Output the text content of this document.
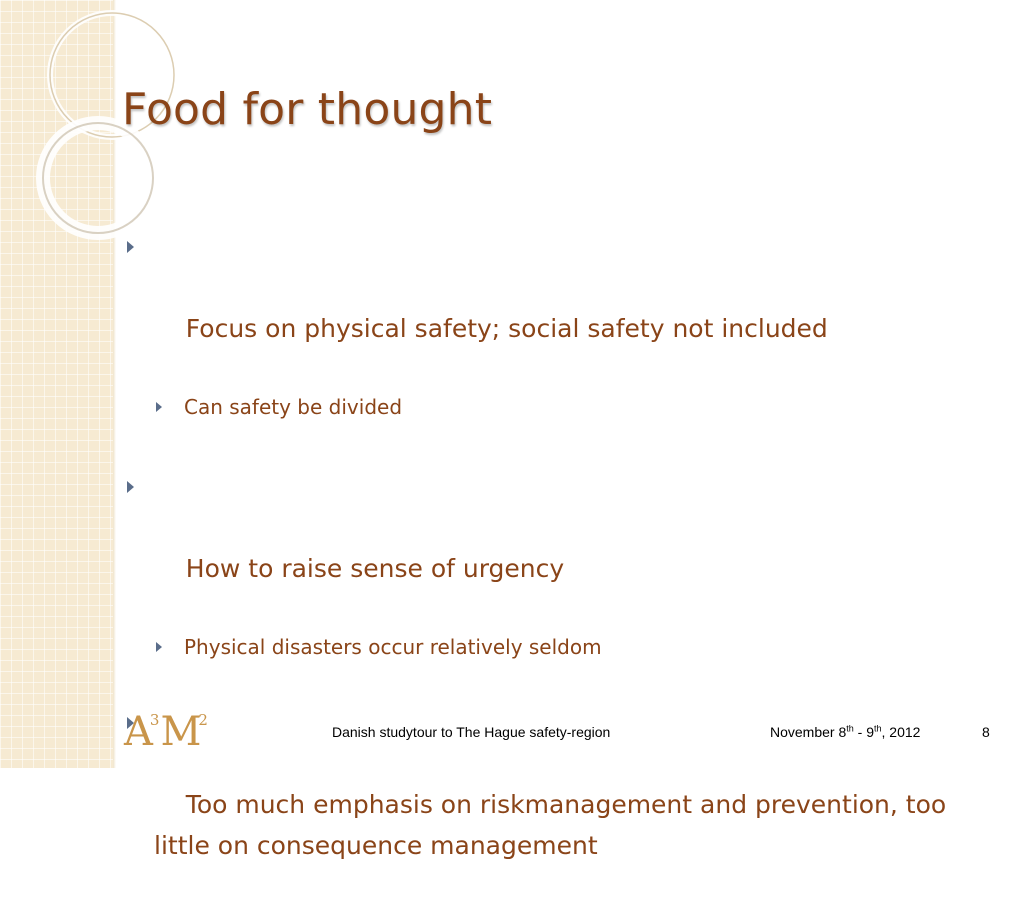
Food for thought

Focus on physical safety; social safety not included

Can safety be divided

How to raise sense of urgency

Physical disasters occur relatively seldom

Too much emphasis on riskmanagement and prevention, too little on consequence management

A3M2
Danish studytour to The Hague safety-region	November 8th - 9th, 2012	8
